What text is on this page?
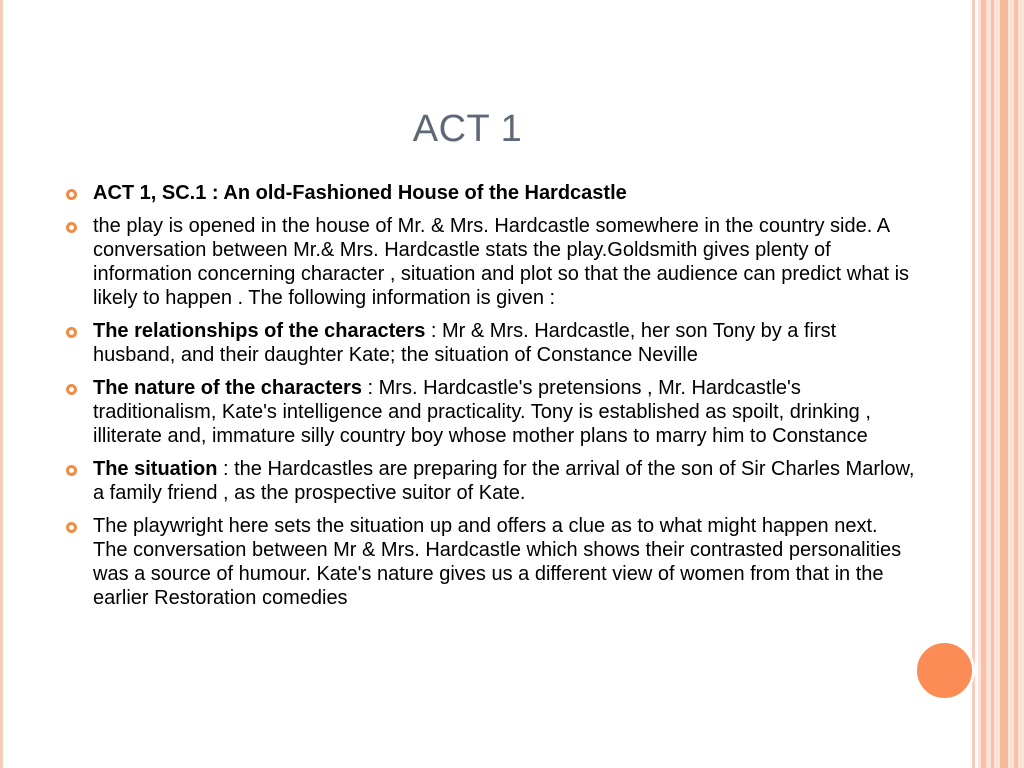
ACT 1
ACT 1, SC.1 : An old-Fashioned House of the Hardcastle
the play is opened in the house of Mr. & Mrs. Hardcastle somewhere in the country side. A conversation between Mr.& Mrs. Hardcastle stats the play.Goldsmith gives plenty of information concerning character , situation and plot so that the audience can predict what is likely to happen . The following information is given :
The relationships of the characters : Mr & Mrs. Hardcastle, her son Tony by a first husband, and their daughter Kate; the situation of Constance Neville
The nature of the characters : Mrs. Hardcastle's pretensions , Mr. Hardcastle's traditionalism, Kate's intelligence and practicality. Tony is established as spoilt, drinking , illiterate and, immature silly country boy whose mother plans to marry him to Constance
The situation : the Hardcastles are preparing for the arrival of the son of Sir Charles Marlow, a family friend , as the prospective suitor of Kate.
The playwright here sets the situation up and offers a clue as to what might happen next. The conversation between Mr & Mrs. Hardcastle which shows their contrasted personalities was a source of humour. Kate's nature gives us a different view of women from that in the earlier Restoration comedies
